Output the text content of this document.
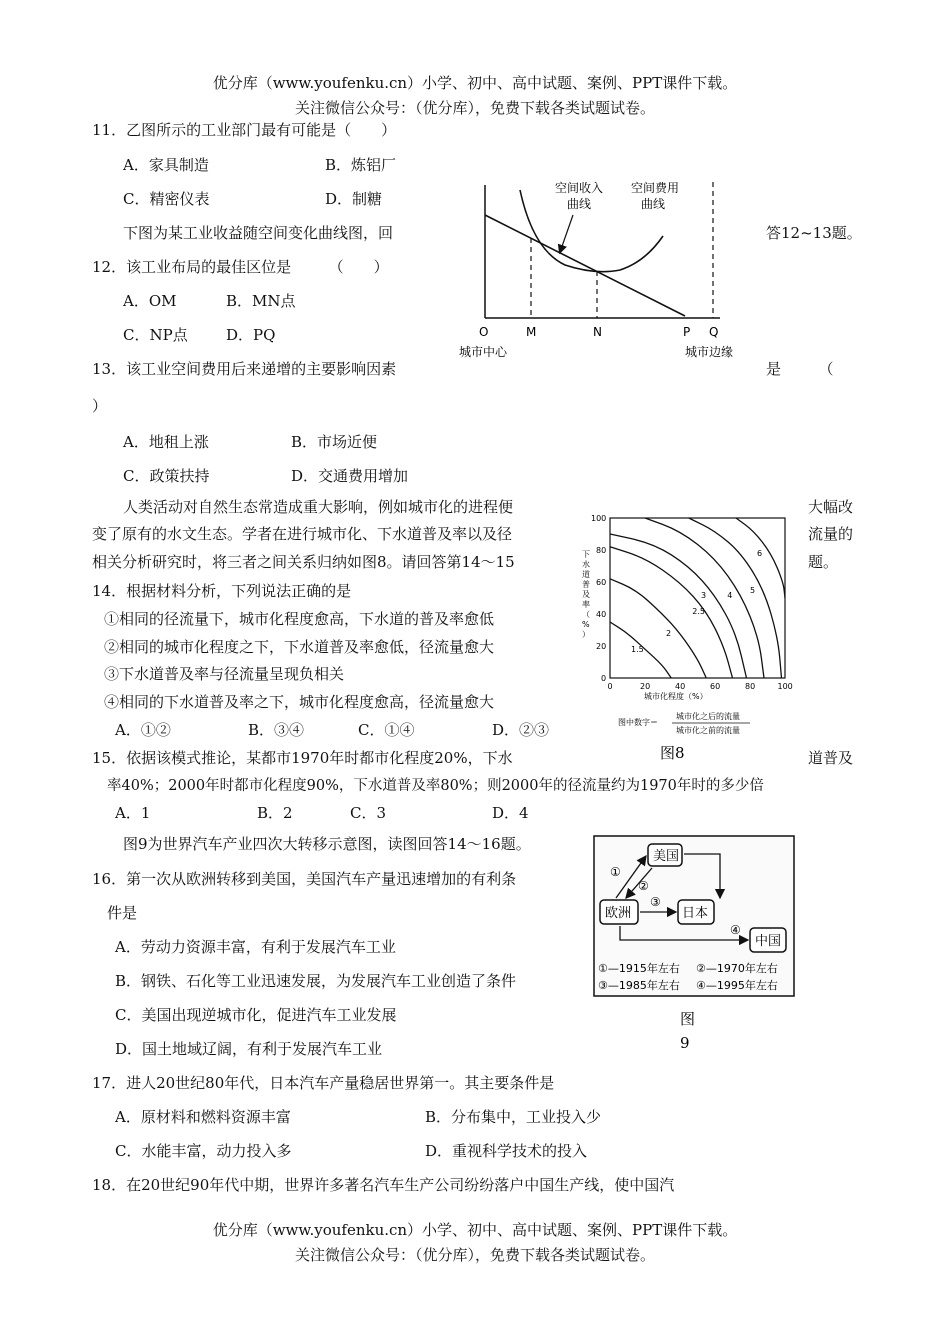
优分库（www.youfenku.cn）小学、初中、高中试题、案例、PPT课件下载。
关注微信公众号：（优分库），免费下载各类试题试卷。
11．乙图所示的工业部门最有可能是（　　）
A．家具制造	B．炼铝厂
C．精密仪表	D．制糖
下图为某工业收益随空间变化曲线图，回	答12~13题。
12．该工业布局的最佳区位是　　　（　　）
A．OM	B．MN点
C．NP点	D．PQ
13．该工业空间费用后来递增的主要影响因素	是　　　（
）
A．地租上涨	B．市场近便
C．政策扶持	D．交通费用增加
人类活动对自然生态常造成重大影响，例如城市化的进程便	大幅改
变了原有的水文生态。学者在进行城市化、下水道普及率以及径	流量的
相关分析研究时，将三者之间关系归纳如图8。请回答第14～15	题。
14．根据材料分析，下列说法正确的是
①相同的径流量下，城市化程度愈高，下水道的普及率愈低
②相同的城市化程度之下，下水道普及率愈低，径流量愈大
③下水道普及率与径流量呈现负相关
④相同的下水道普及率之下，城市化程度愈高，径流量愈大
A．①②	B．③④	C．①④	D．②③
15．依据该模式推论，某都市1970年时都市化程度20%，下水	道普及
率40%；2000年时都市化程度90%，下水道普及率80%；则2000年的径流量约为1970年时的多少倍
A．1	B．2	C．3	D．4
图9为世界汽车产业四次大转移示意图，读图回答14～16题。
16．第一次从欧洲转移到美国，美国汽车产量迅速增加的有利条
件是
A．劳动力资源丰富，有利于发展汽车工业
B．钢铁、石化等工业迅速发展，为发展汽车工业创造了条件
C．美国出现逆城市化，促进汽车工业发展
D．国土地域辽阔，有利于发展汽车工业
17．进人20世纪80年代，日本汽车产量稳居世界第一。其主要条件是
A．原材料和燃料资源丰富	B．分布集中，工业投入少
C．水能丰富，动力投入多	D．重视科学技术的投入
18．在20世纪90年代中期，世界许多著名汽车生产公司纷纷落户中国生产线，使中国汽
优分库（www.youfenku.cn）小学、初中、高中试题、案例、PPT课件下载。
关注微信公众号：（优分库），免费下载各类试题试卷。
空间收入
曲线
空间费用
曲线
O	M	N	P Q
城市中心	城市边缘
下
水
道
普
及
率
（
%
）
0	20	40	60	80	100
0
20
40
60
80
100
1.5
2
2.5
3	4
5
6
城市化程度（%）
图中数字＝
城市化之后的流量
城市化之前的流量
图8
美国
欧洲	日本
中国
①
②
③
④
①—1915年左右 ②—1970年左右
③—1985年左右 ④—1995年左右
图
9
